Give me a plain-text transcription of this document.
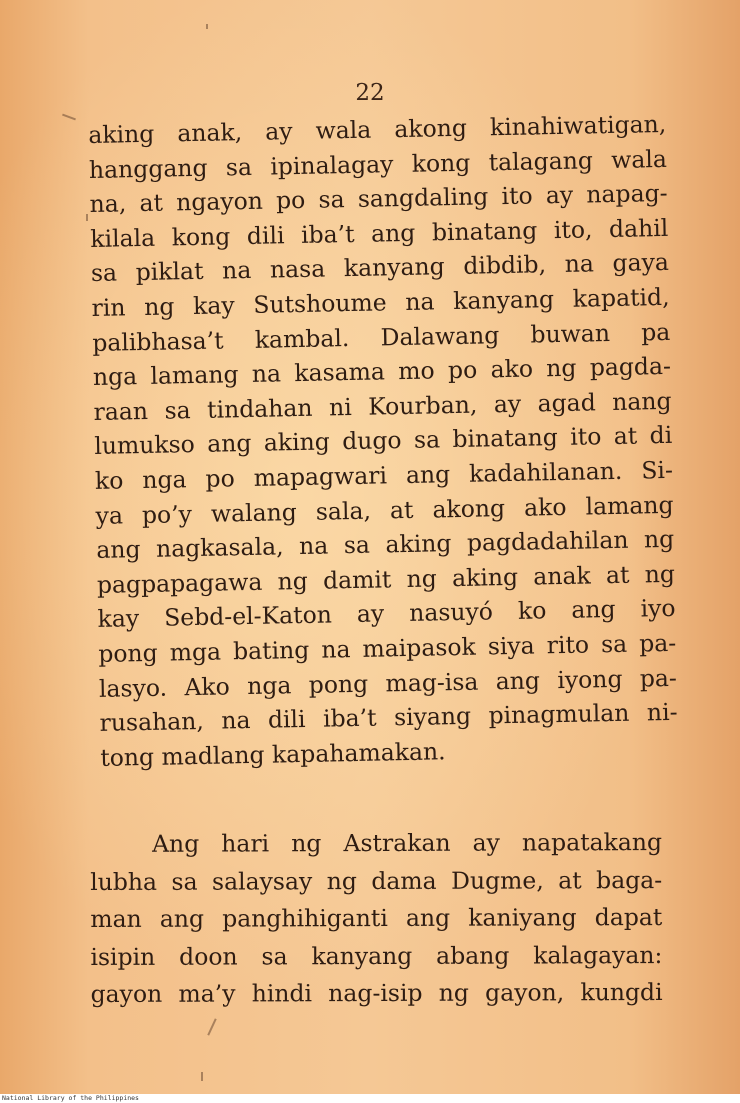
22
aking anak, ay wala akong kinahiwatigan,
hanggang sa ipinalagay kong talagang wala
na, at ngayon po sa sangdaling ito ay napag-
kilala kong dili iba’t ang binatang ito, dahil
sa piklat na nasa kanyang dibdib, na gaya
rin ng kay Sutshoume na kanyang kapatid,
palibhasa’t kambal. Dalawang buwan pa
nga lamang na kasama mo po ako ng pagda-
raan sa tindahan ni Kourban, ay agad nang
lumukso ang aking dugo sa binatang ito at di
ko nga po mapagwari ang kadahilanan. Si-
ya po’y walang sala, at akong ako lamang
ang nagkasala, na sa aking pagdadahilan ng
pagpapagawa ng damit ng aking anak at ng
kay Sebd-el-Katon ay nasuyó ko ang iyo
pong mga bating na maipasok siya rito sa pa-
lasyo. Ako nga pong mag-isa ang iyong pa-
rusahan, na dili iba’t siyang pinagmulan ni-
tong madlang kapahamakan.
Ang hari ng Astrakan ay napatakang
lubha sa salaysay ng dama Dugme, at baga-
man ang panghihiganti ang kaniyang dapat
isipin doon sa kanyang abang kalagayan:
gayon ma’y hindi nag-isip ng gayon, kungdi
National Library of the Philippines
